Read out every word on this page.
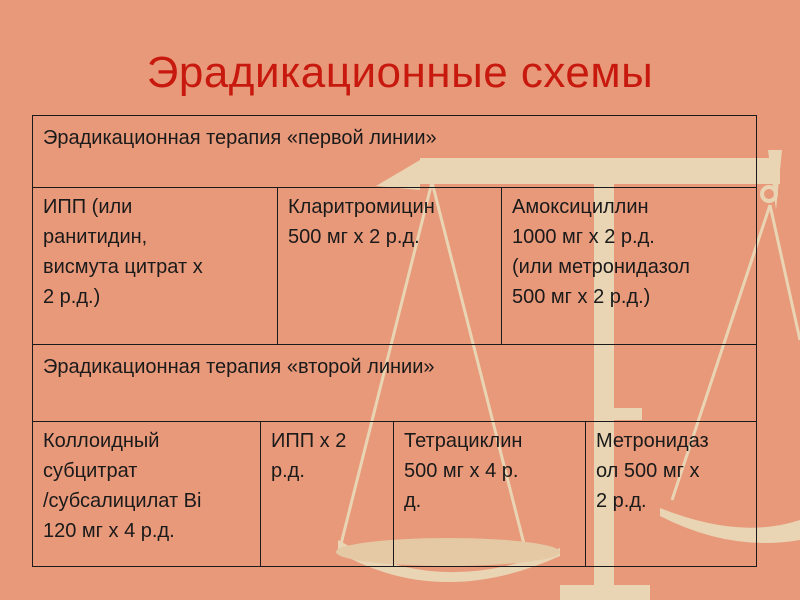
Эрадикационные схемы
Эрадикационная терапия «первой линии»
ИПП (или
ранитидин,
висмута цитрат x
2 р.д.)
Кларитромицин
500 мг x 2 р.д.
Амоксициллин
1000 мг x 2 р.д.
(или метронидазол
500 мг x 2 р.д.)
Эрадикационная терапия «второй линии»
Коллоидный
субцитрат
/субсалицилат Bi
120 мг x 4 р.д.
ИПП x 2
р.д.
Тетрациклин
500 мг x 4 р.
д.
Метронидаз
ол 500 мг x
2 р.д.
